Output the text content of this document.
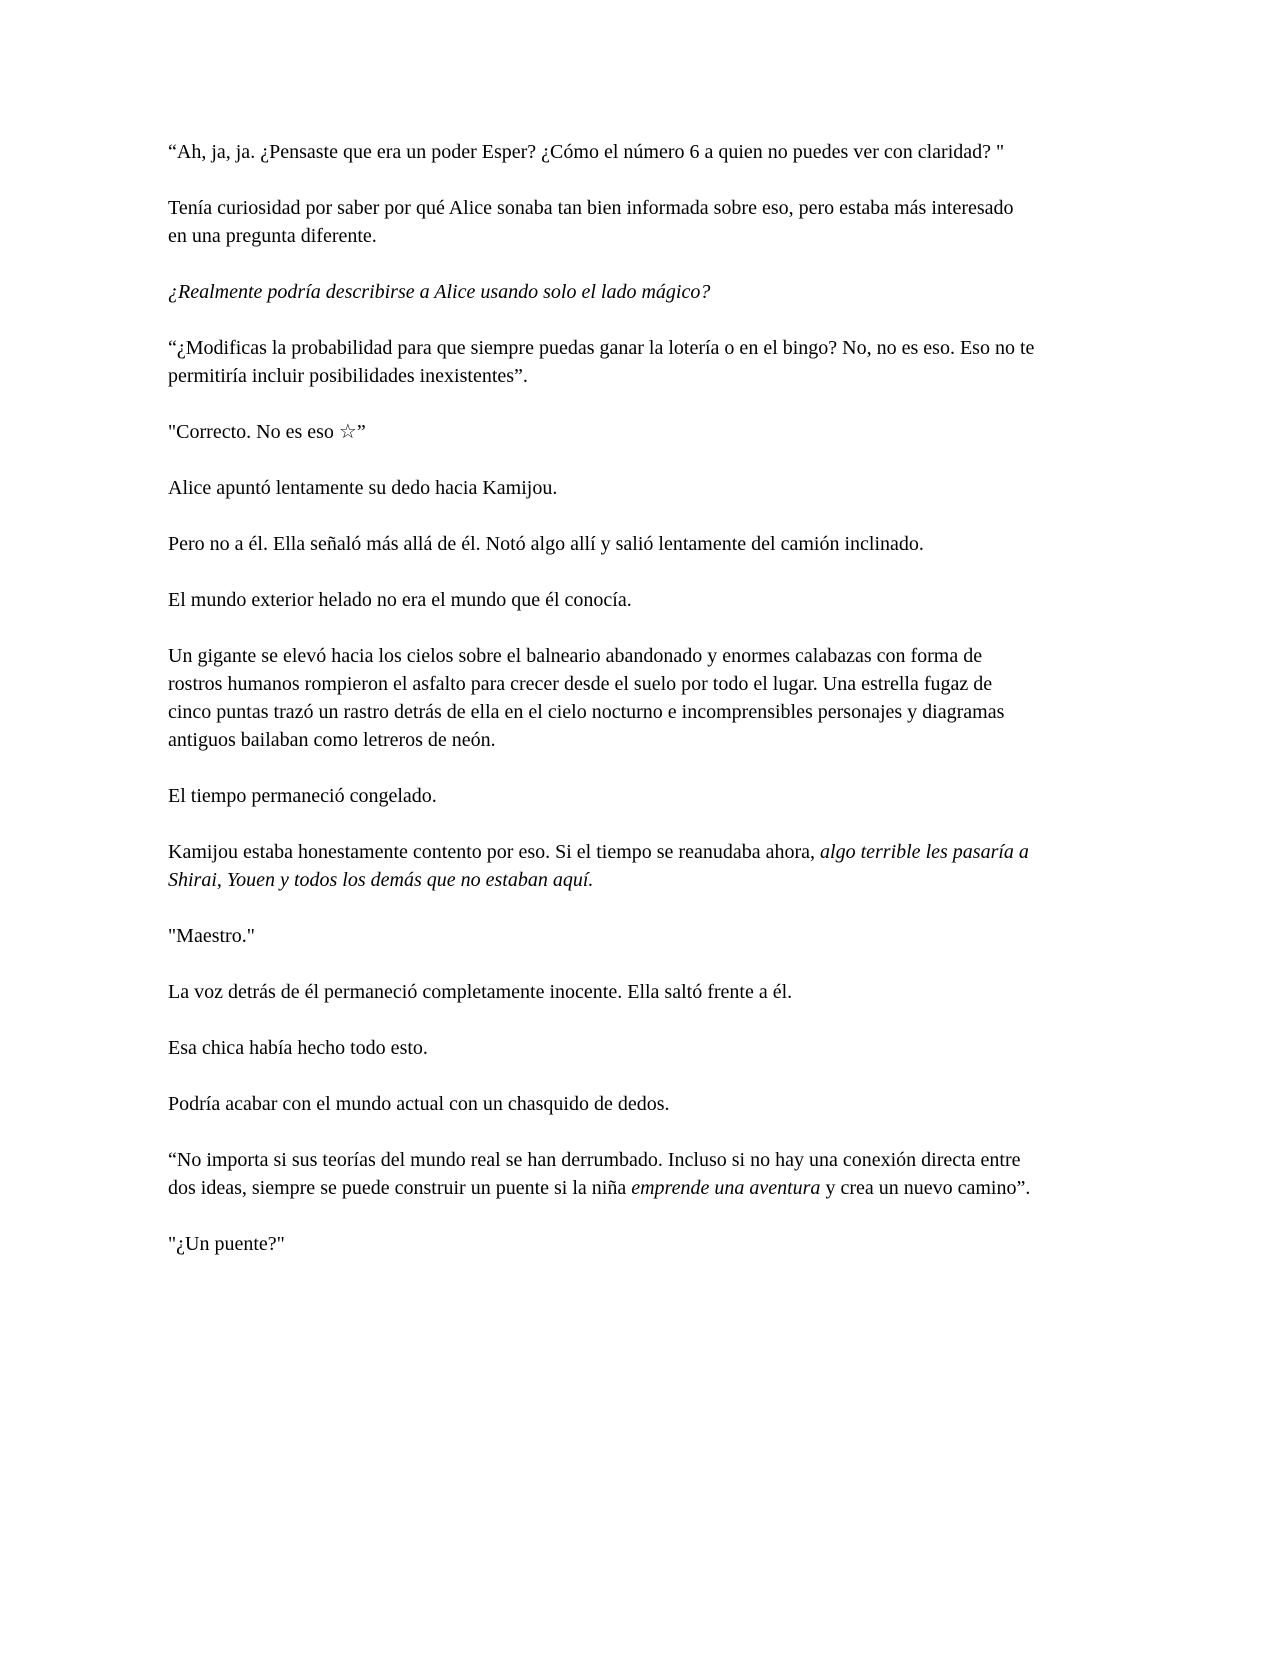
“Ah, ja, ja. ¿Pensaste que era un poder Esper? ¿Cómo el número 6 a quien no puedes ver con claridad? "

Tenía curiosidad por saber por qué Alice sonaba tan bien informada sobre eso, pero estaba más interesado en una pregunta diferente.

¿Realmente podría describirse a Alice usando solo el lado mágico?

“¿Modificas la probabilidad para que siempre puedas ganar la lotería o en el bingo? No, no es eso. Eso no te permitiría incluir posibilidades inexistentes”.

"Correcto. No es eso ☆”

Alice apuntó lentamente su dedo hacia Kamijou.

Pero no a él. Ella señaló más allá de él. Notó algo allí y salió lentamente del camión inclinado.

El mundo exterior helado no era el mundo que él conocía.

Un gigante se elevó hacia los cielos sobre el balneario abandonado y enormes calabazas con forma de rostros humanos rompieron el asfalto para crecer desde el suelo por todo el lugar. Una estrella fugaz de cinco puntas trazó un rastro detrás de ella en el cielo nocturno e incomprensibles personajes y diagramas antiguos bailaban como letreros de neón.

El tiempo permaneció congelado.

Kamijou estaba honestamente contento por eso. Si el tiempo se reanudaba ahora, algo terrible les pasaría a Shirai, Youen y todos los demás que no estaban aquí.

"Maestro."

La voz detrás de él permaneció completamente inocente. Ella saltó frente a él.

Esa chica había hecho todo esto.

Podría acabar con el mundo actual con un chasquido de dedos.

“No importa si sus teorías del mundo real se han derrumbado. Incluso si no hay una conexión directa entre dos ideas, siempre se puede construir un puente si la niña emprende una aventura y crea un nuevo camino”.

"¿Un puente?"
